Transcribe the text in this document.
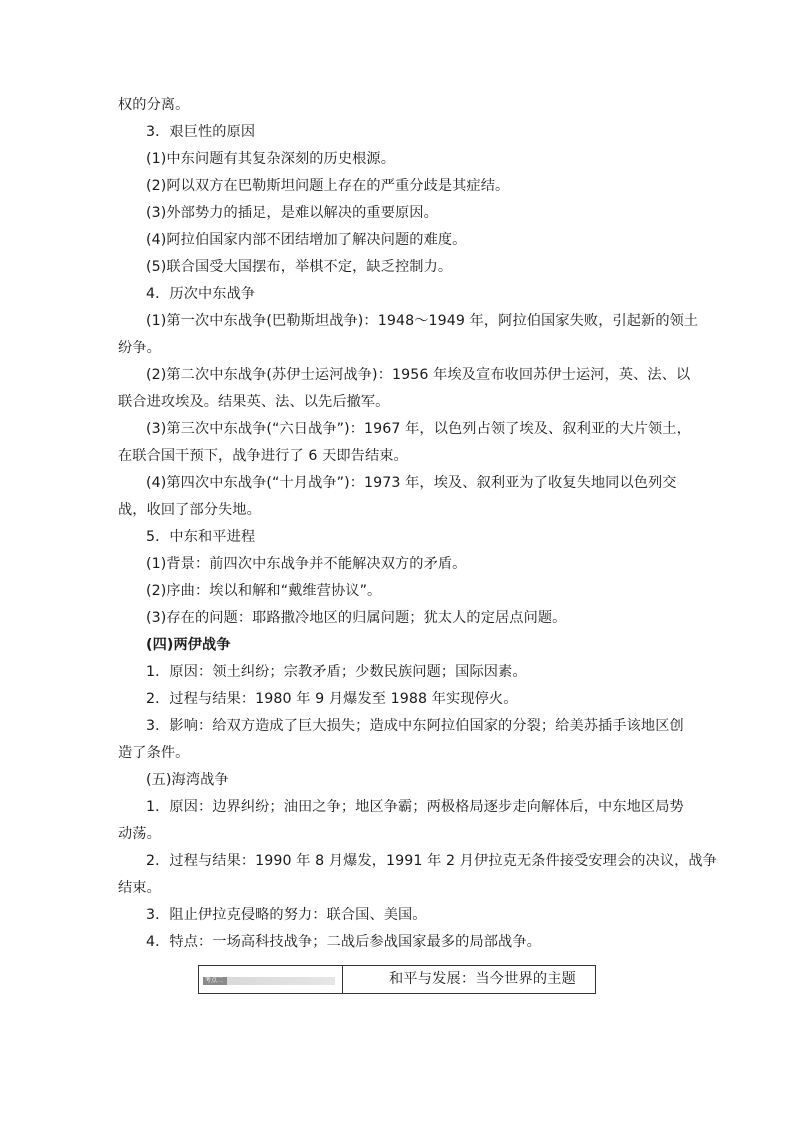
权的分离。
3．艰巨性的原因
(1)中东问题有其复杂深刻的历史根源。
(2)阿以双方在巴勒斯坦问题上存在的严重分歧是其症结。
(3)外部势力的插足，是难以解决的重要原因。
(4)阿拉伯国家内部不团结增加了解决问题的难度。
(5)联合国受大国摆布，举棋不定，缺乏控制力。
4．历次中东战争
(1)第一次中东战争(巴勒斯坦战争)：1948～1949 年，阿拉伯国家失败，引起新的领土
纷争。
(2)第二次中东战争(苏伊士运河战争)：1956 年埃及宣布收回苏伊士运河，英、法、以
联合进攻埃及。结果英、法、以先后撤军。
(3)第三次中东战争(“六日战争”)：1967 年，以色列占领了埃及、叙利亚的大片领土，
在联合国干预下，战争进行了 6 天即告结束。
(4)第四次中东战争(“十月战争”)：1973 年，埃及、叙利亚为了收复失地同以色列交
战，收回了部分失地。
5．中东和平进程
(1)背景：前四次中东战争并不能解决双方的矛盾。
(2)序曲：埃以和解和“戴维营协议”。
(3)存在的问题：耶路撒冷地区的归属问题；犹太人的定居点问题。
(四)两伊战争
1．原因：领土纠纷；宗教矛盾；少数民族问题；国际因素。
2．过程与结果：1980 年 9 月爆发至 1988 年实现停火。
3．影响：给双方造成了巨大损失；造成中东阿拉伯国家的分裂；给美苏插手该地区创
造了条件。
(五)海湾战争
1．原因：边界纠纷；油田之争；地区争霸；两极格局逐步走向解体后，中东地区局势
动荡。
2．过程与结果：1990 年 8 月爆发，1991 年 2 月伊拉克无条件接受安理会的决议，战争
结束。
3．阻止伊拉克侵略的努力：联合国、美国。
4．特点：一场高科技战争；二战后参战国家最多的局部战争。
考点二	和平与发展：当今世界的主题
